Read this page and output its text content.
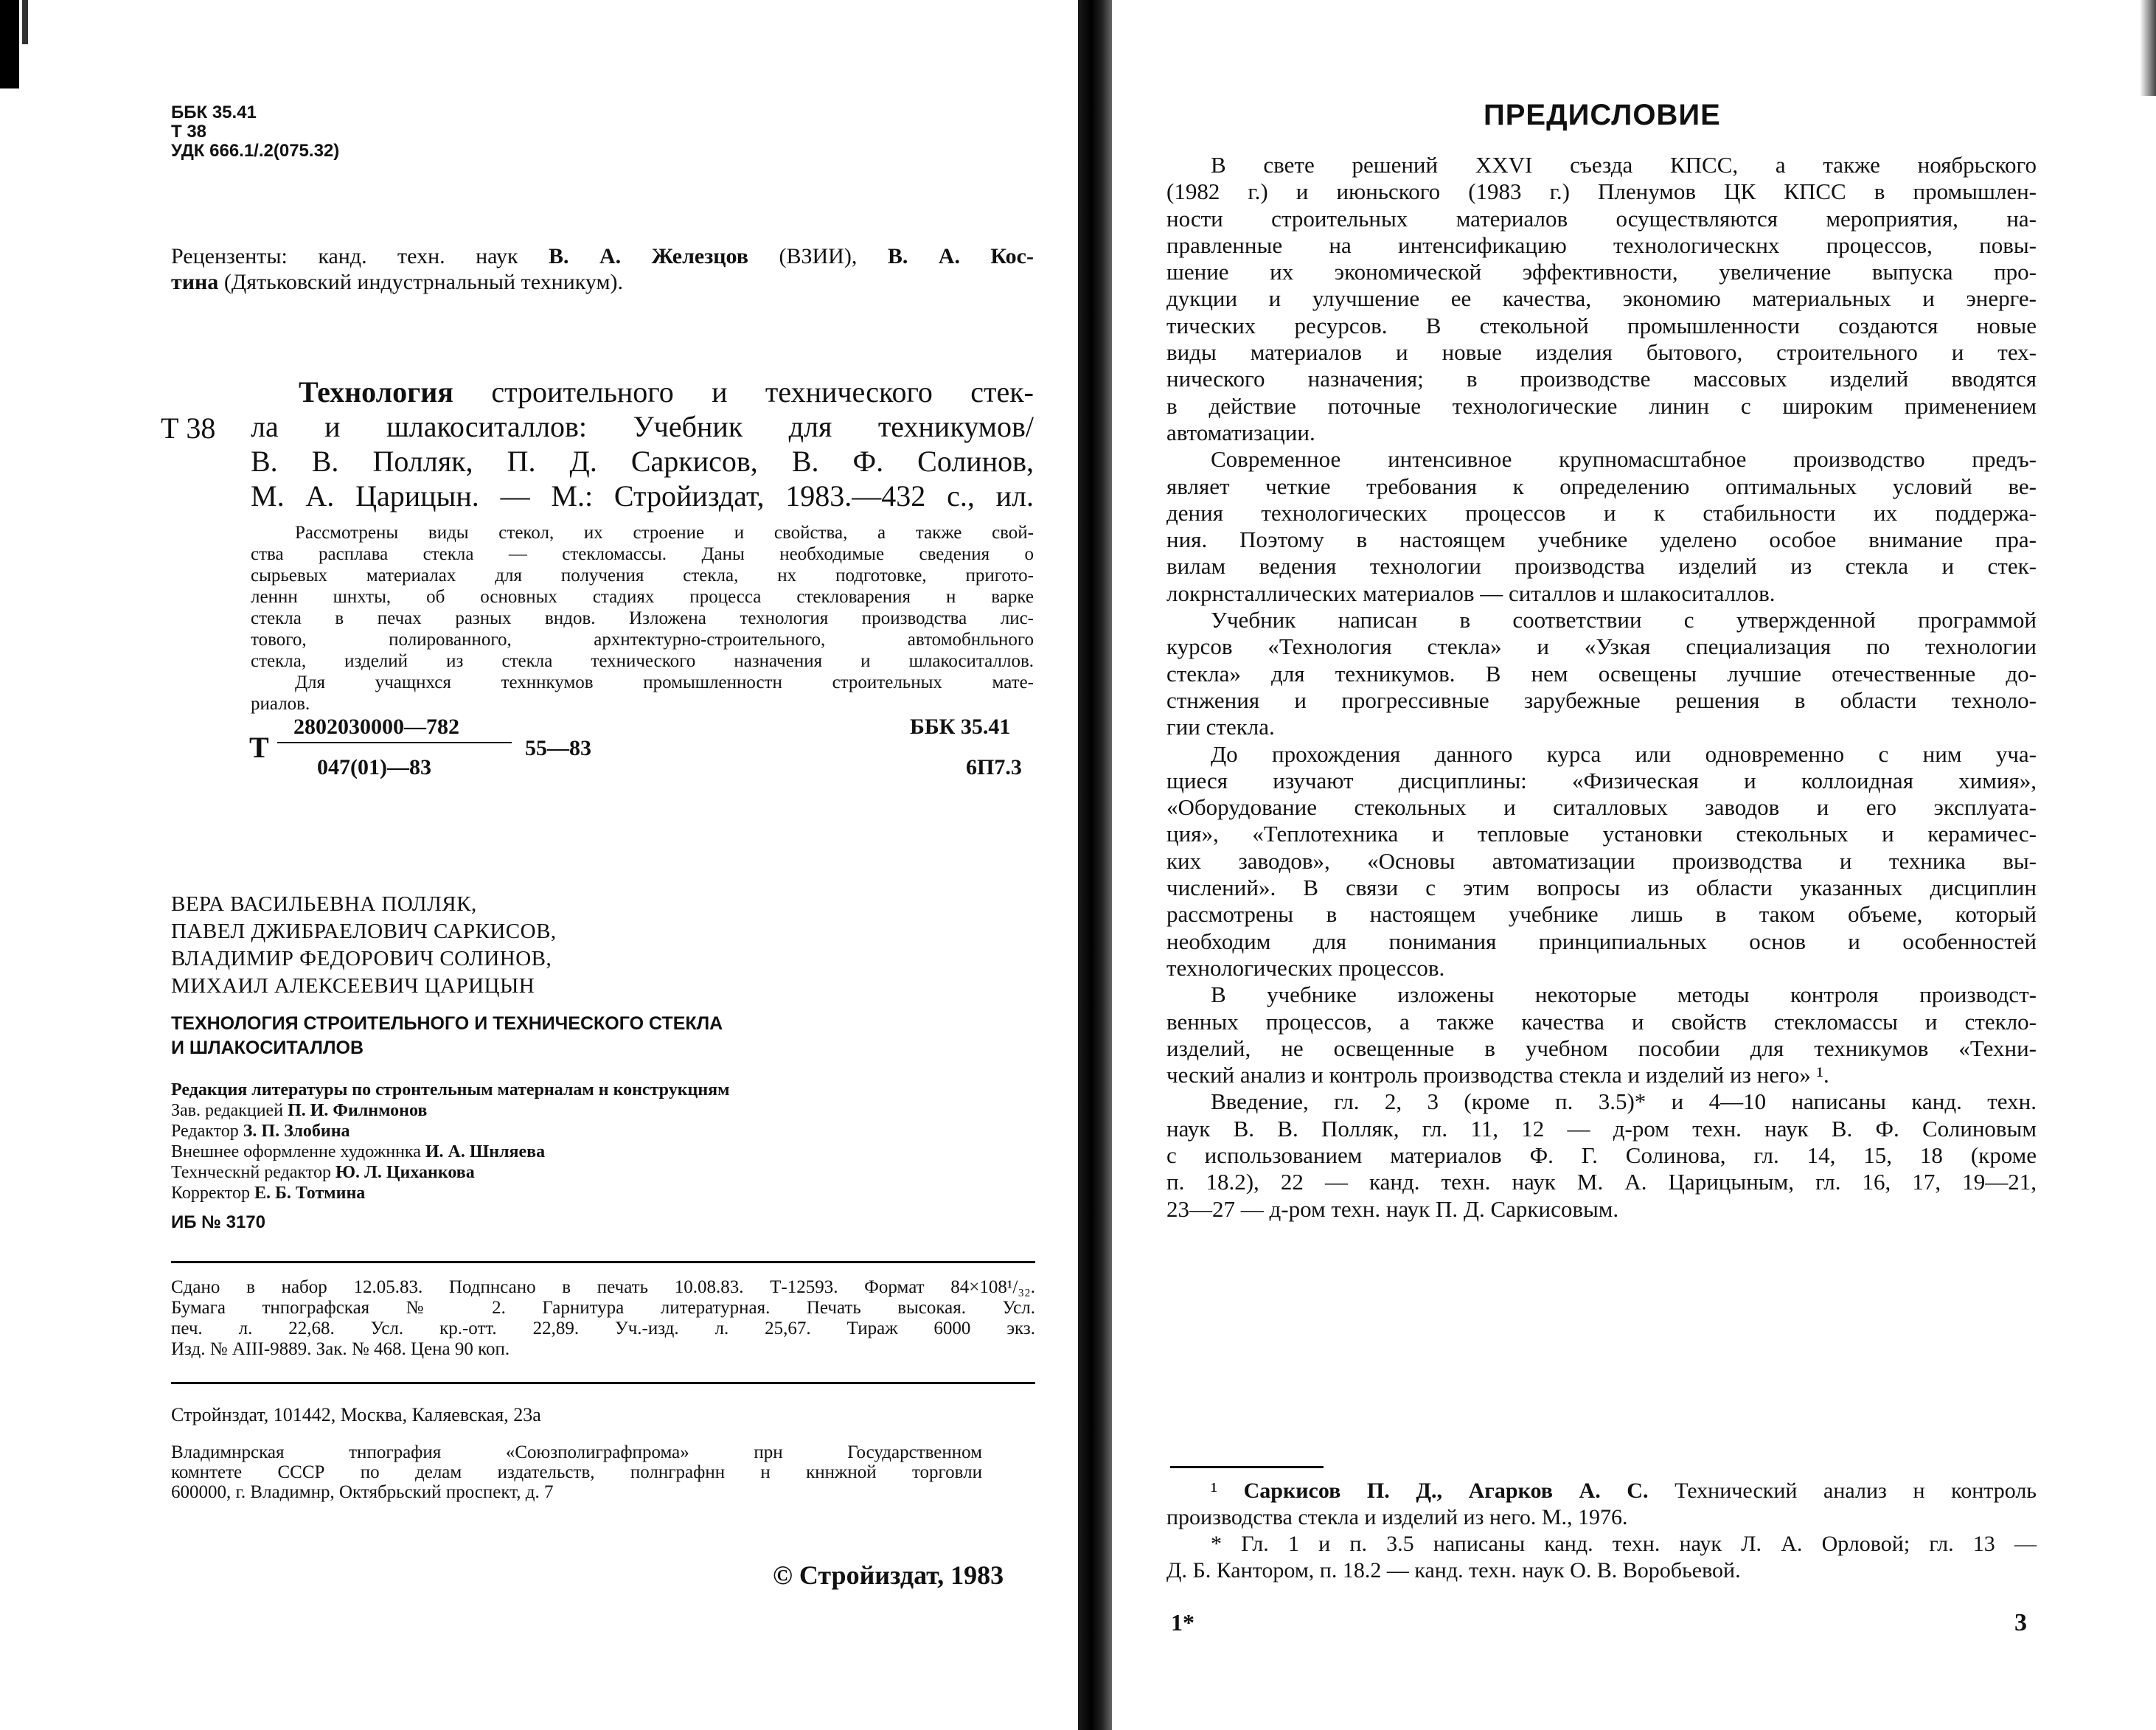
ББК 35.41
Т 38
УДК 666.1/.2(075.32)
Рецензенты: канд. техн. наук В. А. Железцов (ВЗИИ), В. А. Кос-
тина (Дятьковский индустрнальный техникум).
Т 38
Технология строительного и технического стек-
ла и шлакоситаллов: Учебник для техникумов/
В. В. Полляк, П. Д. Саркисов, В. Ф. Солинов,
М. А. Царицын. — М.: Стройиздат, 1983.—432 с., ил.
Рассмотрены виды стекол, их строение и свойства, а также свой-
ства расплава стекла — стекломассы. Даны необходимые сведения о
сырьевых материалах для получения стекла, нх подготовке, пригото-
леннн шнхты, об основных стадиях процесса стекловарения н варке
стекла в печах разных вндов. Изложена технология производства лис-
тового, полированного, архнтектурно-строительного, автомобнльного
стекла, изделий из стекла технического назначения и шлакоситаллов.
Для учащнхся техннкумов промышленностн строительных мате-
риалов.
Т
2802030000—782
047(01)—83
55—83
ББК 35.41
6П7.3
ВЕРА ВАСИЛЬЕВНА ПОЛЛЯК,
ПАВЕЛ ДЖИБРАЕЛОВИЧ САРКИСОВ,
ВЛАДИМИР ФЕДОРОВИЧ СОЛИНОВ,
МИХАИЛ АЛЕКСЕЕВИЧ ЦАРИЦЫН
ТЕХНОЛОГИЯ СТРОИТЕЛЬНОГО И ТЕХНИЧЕСКОГО СТЕКЛА
И ШЛАКОСИТАЛЛОВ
Редакция литературы по стронтельным матерналам н конструкцням
Зав. редакцией П. И. Филнмонов
Редактор З. П. Злобина
Внешнее оформленне художннка И. А. Шнляева
Технческнй редактор Ю. Л. Циханкова
Корректор Е. Б. Тотмина
ИБ № 3170
Сдано в набор 12.05.83. Подпнсано в печать 10.08.83. Т-12593. Формат 84×108¹/₃₂.
Бумага тнпографская № 2. Гарнитура литературная. Печать высокая. Усл.
печ. л. 22,68. Усл. кр.-отт. 22,89. Уч.-изд. л. 25,67. Тираж 6000 экз.
Изд. № АIII-9889. Зак. № 468. Цена 90 коп.
Стройнздат, 101442, Москва, Каляевская, 23а
Владимнрская тнпография «Союзполигрaфпрома» прн Государственном
комнтете СССР по делам издательств, полнграфнн н кннжной торговли
600000, г. Владимнр, Октябрьский проспект, д. 7
© Стройиздат, 1983
ПРЕДИСЛОВИЕ
В свете решений XXVI съезда КПСС, а также ноябрьского
(1982 г.) и июньского (1983 г.) Пленумов ЦК КПСС в промышлен-
ности строительных материалов осуществляются мероприятия, на-
правленные на интенсификацию технологическнх процессов, повы-
шение их экономической эффективности, увеличение выпуска про-
дукции и улучшение ее качества, экономию материальных и энерге-
тических ресурсов. В стекольной промышленности создаются новые
виды материалов и новые изделия бытового, строительного и тех-
нического назначения; в производстве массовых изделий вводятся
в действие поточные технологические линин с широким применением
автоматизации.
Современное интенсивное крупномасштабное производство предъ-
являет четкие требования к определению оптимальных условий ве-
дения технологических процессов и к стабильности их поддержа-
ния. Поэтому в настоящем учебнике уделено особое внимание пра-
вилам ведения технологии производства изделий из стекла и стек-
локрнсталлических материалов — ситаллов и шлакоситаллов.
Учебник написан в соответствии с утвержденной программой
курсов «Технология стекла» и «Узкая специализация по технологии
стекла» для техникумов. В нем освещены лучшие отечественные до-
стнжения и прогрессивные зарубежные решения в области техноло-
гии стекла.
До прохождения данного курса или одновременно с ним уча-
щиеся изучают дисциплины: «Физическая и коллоидная химия»,
«Оборудование стекольных и ситалловых заводов и его эксплуата-
ция», «Теплотехника и тепловые установки стекольных и керамичес-
ких заводов», «Основы автоматизации производства и техника вы-
числений». В связи с этим вопросы из области указанных дисциплин
рассмотрены в настоящем учебнике лишь в таком объеме, который
необходим для понимания принципиальных основ и особенностей
технологических процессов.
В учебнике изложены некоторые методы контроля производст-
венных процессов, а также качества и свойств стекломассы и стекло-
изделий, не освещенные в учебном пособии для техникумов «Техни-
ческий анализ и контроль производства стекла и изделий из него» ¹.
Введение, гл. 2, 3 (кроме п. 3.5)* и 4—10 написаны канд. техн.
наук В. В. Полляк, гл. 11, 12 — д-ром техн. наук В. Ф. Солиновым
с использованием материалов Ф. Г. Солинова, гл. 14, 15, 18 (кроме
п. 18.2), 22 — канд. техн. наук М. А. Царицыным, гл. 16, 17, 19—21,
23—27 — д-ром техн. наук П. Д. Саркисовым.
¹ Саркисов П. Д., Агарков А. С. Технический анализ н контроль
производства стекла и изделий из него. М., 1976.
* Гл. 1 и п. 3.5 написаны канд. техн. наук Л. А. Орловой; гл. 13 —
Д. Б. Кантором, п. 18.2 — канд. техн. наук О. В. Воробьевой.
1*	3
